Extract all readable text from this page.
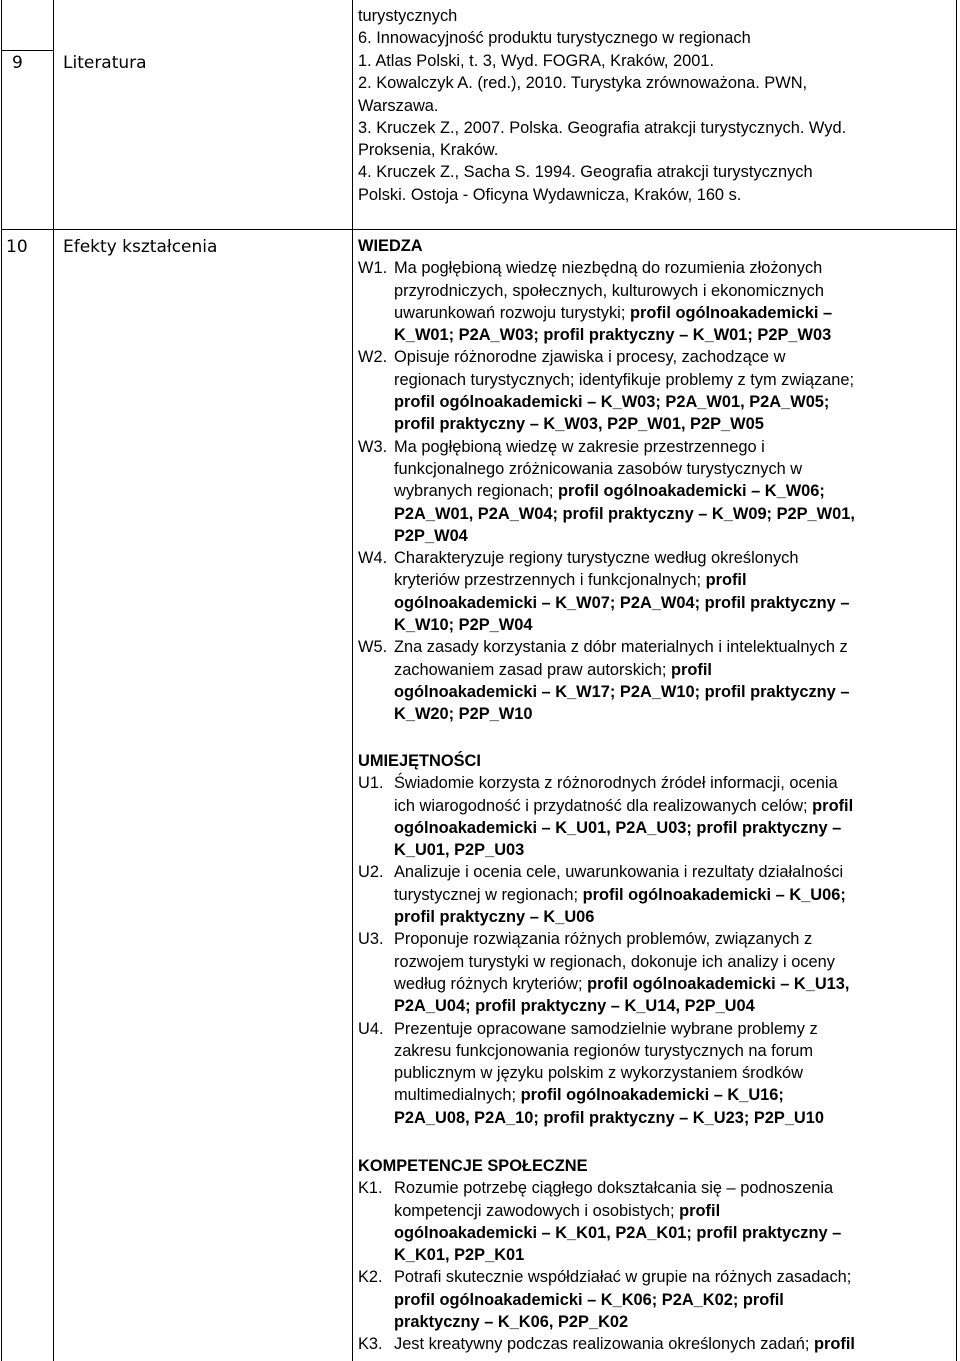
turystycznych
6. Innowacyjność produktu turystycznego w regionach
9 Literatura	1. Atlas Polski, t. 3, Wyd. FOGRA, Kraków, 2001.
2. Kowalczyk A. (red.), 2010. Turystyka zrównoważona. PWN,
Warszawa.
3. Kruczek Z., 2007. Polska. Geografia atrakcji turystycznych. Wyd.
Proksenia, Kraków.
4. Kruczek Z., Sacha S. 1994. Geografia atrakcji turystycznych
Polski. Ostoja - Oficyna Wydawnicza, Kraków, 160 s.
10 Efekty kształcenia	WIEDZA
W1. Ma pogłębioną wiedzę niezbędną do rozumienia złożonych
przyrodniczych, społecznych, kulturowych i ekonomicznych
uwarunkowań rozwoju turystyki; profil ogólnoakademicki –
K_W01; P2A_W03; profil praktyczny – K_W01; P2P_W03
W2. Opisuje różnorodne zjawiska i procesy, zachodzące w
regionach turystycznych; identyfikuje problemy z tym związane;
profil ogólnoakademicki – K_W03; P2A_W01, P2A_W05;
profil praktyczny – K_W03, P2P_W01, P2P_W05
W3. Ma pogłębioną wiedzę w zakresie przestrzennego i
funkcjonalnego zróżnicowania zasobów turystycznych w
wybranych regionach; profil ogólnoakademicki – K_W06;
P2A_W01, P2A_W04; profil praktyczny – K_W09; P2P_W01,
P2P_W04
W4. Charakteryzuje regiony turystyczne według określonych
kryteriów przestrzennych i funkcjonalnych; profil
ogólnoakademicki – K_W07; P2A_W04; profil praktyczny –
K_W10; P2P_W04
W5. Zna zasady korzystania z dóbr materialnych i intelektualnych z
zachowaniem zasad praw autorskich; profil
ogólnoakademicki – K_W17; P2A_W10; profil praktyczny –
K_W20; P2P_W10
UMIEJĘTNOŚCI
U1. Świadomie korzysta z różnorodnych źródeł informacji, ocenia
ich wiarogodność i przydatność dla realizowanych celów; profil
ogólnoakademicki – K_U01, P2A_U03; profil praktyczny –
K_U01, P2P_U03
U2. Analizuje i ocenia cele, uwarunkowania i rezultaty działalności
turystycznej w regionach; profil ogólnoakademicki – K_U06;
profil praktyczny – K_U06
U3. Proponuje rozwiązania różnych problemów, związanych z
rozwojem turystyki w regionach, dokonuje ich analizy i oceny
według różnych kryteriów; profil ogólnoakademicki – K_U13,
P2A_U04; profil praktyczny – K_U14, P2P_U04
U4. Prezentuje opracowane samodzielnie wybrane problemy z
zakresu funkcjonowania regionów turystycznych na forum
publicznym w języku polskim z wykorzystaniem środków
multimedialnych; profil ogólnoakademicki – K_U16;
P2A_U08, P2A_10; profil praktyczny – K_U23; P2P_U10
KOMPETENCJE SPOŁECZNE
K1. Rozumie potrzebę ciągłego dokształcania się – podnoszenia
kompetencji zawodowych i osobistych; profil
ogólnoakademicki – K_K01, P2A_K01; profil praktyczny –
K_K01, P2P_K01
K2. Potrafi skutecznie współdziałać w grupie na różnych zasadach;
profil ogólnoakademicki – K_K06; P2A_K02; profil
praktyczny – K_K06, P2P_K02
K3. Jest kreatywny podczas realizowania określonych zadań; profil
